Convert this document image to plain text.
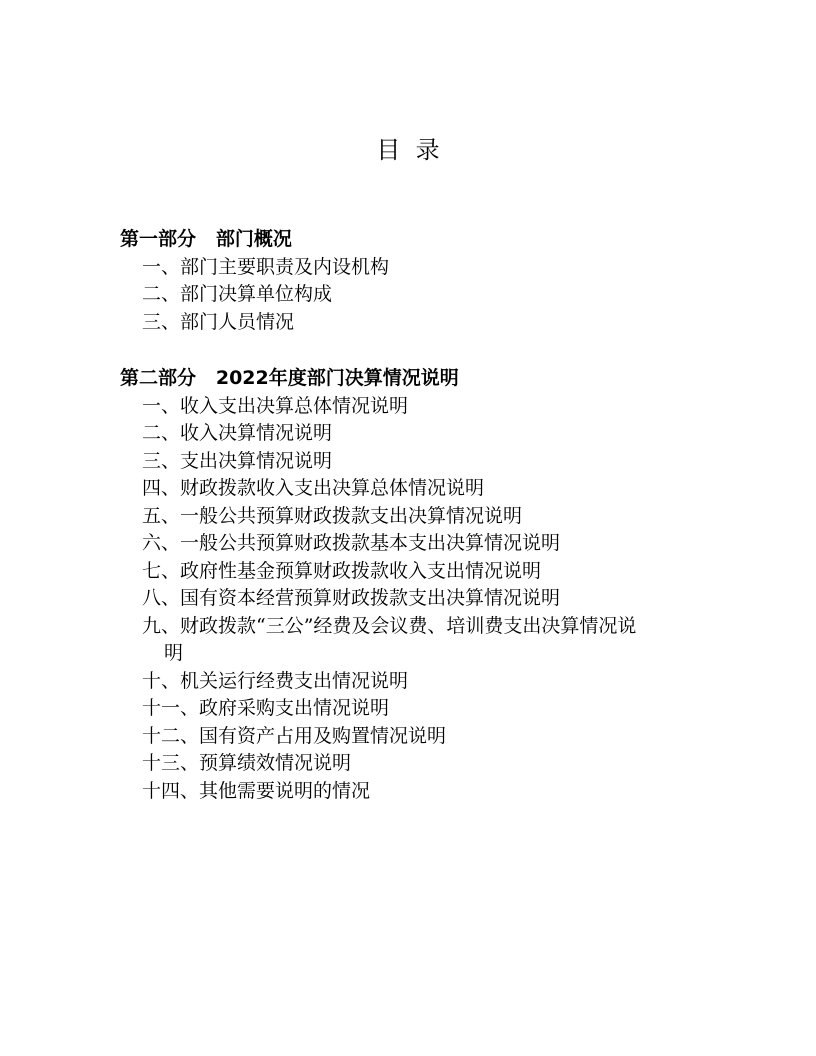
目  录
第一部分   部门概况
一、部门主要职责及内设机构
二、部门决算单位构成
三、部门人员情况
第二部分   2022年度部门决算情况说明
一、收入支出决算总体情况说明
二、收入决算情况说明
三、支出决算情况说明
四、财政拨款收入支出决算总体情况说明
五、一般公共预算财政拨款支出决算情况说明
六、一般公共预算财政拨款基本支出决算情况说明
七、政府性基金预算财政拨款收入支出情况说明
八、国有资本经营预算财政拨款支出决算情况说明
九、财政拨款“三公”经费及会议费、培训费支出决算情况说
明
十、机关运行经费支出情况说明
十一、政府采购支出情况说明
十二、国有资产占用及购置情况说明
十三、预算绩效情况说明
十四、其他需要说明的情况
